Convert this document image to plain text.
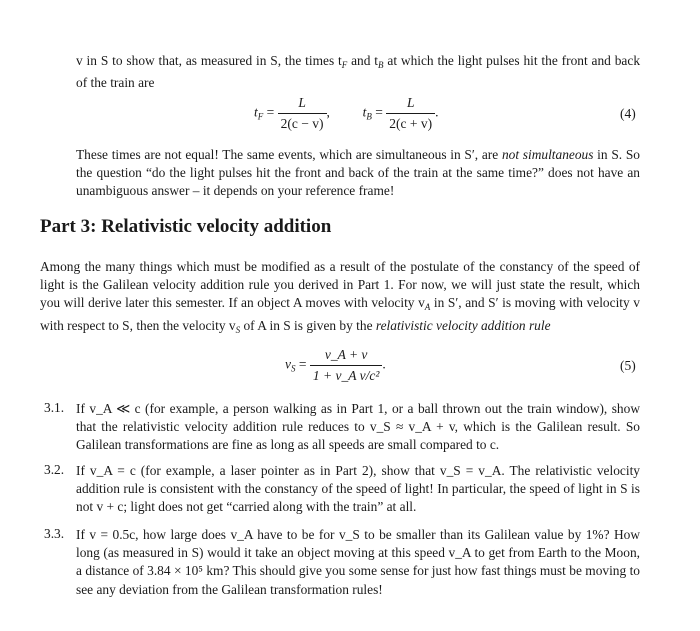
v in S to show that, as measured in S, the times $t_F$ and $t_B$ at which the light pulses hit the front and back of the train are

$t_F = \frac{L}{2(c - v)}$ ,  $t_B = \frac{L}{2(c + v)}$ .	(4)

These times are not equal! The same events, which are simultaneous in S′, are not simultaneous in S. So the question “do the light pulses hit the front and back of the train at the same time?” does not have an unambiguous answer – it depends on your reference frame!

Part 3: Relativistic velocity addition

Among the many things which must be modified as a result of the postulate of the constancy of the speed of light is the Galilean velocity addition rule you derived in Part 1. For now, we will just state the result, which you will derive later this semester. If an object A moves with velocity $v_A$ in S′, and S′ is moving with velocity v with respect to S, then the velocity $v_S$ of A in S is given by the relativistic velocity addition rule

$v_S = \frac{v\_A + v}{\text{1 + v\_A v/c²}}$ .	(5)
3.1. If v_A ≪ c (for example, a person walking as in Part 1, or a ball thrown out the train window), show that the relativistic velocity addition rule reduces to v_S ≈ v_A + v, which is the Galilean result. So Galilean transformations are fine as long as all speeds are small compared to c.

3.2. If v_A = c (for example, a laser pointer as in Part 2), show that v_S = v_A. The relativistic velocity addition rule is consistent with the constancy of the speed of light! In particular, the speed of light in S is not v + c; light does not get “carried along with the train” at all.

3.3. If v = 0.5c, how large does v_A have to be for v_S to be smaller than its Galilean value by 1%? How long (as measured in S) would it take an object moving at this speed v_A to get from Earth to the Moon, a distance of 3.84 × 10⁵ km? This should give you some sense for just how fast things must be moving to see any deviation from the Galilean transformation rules!
